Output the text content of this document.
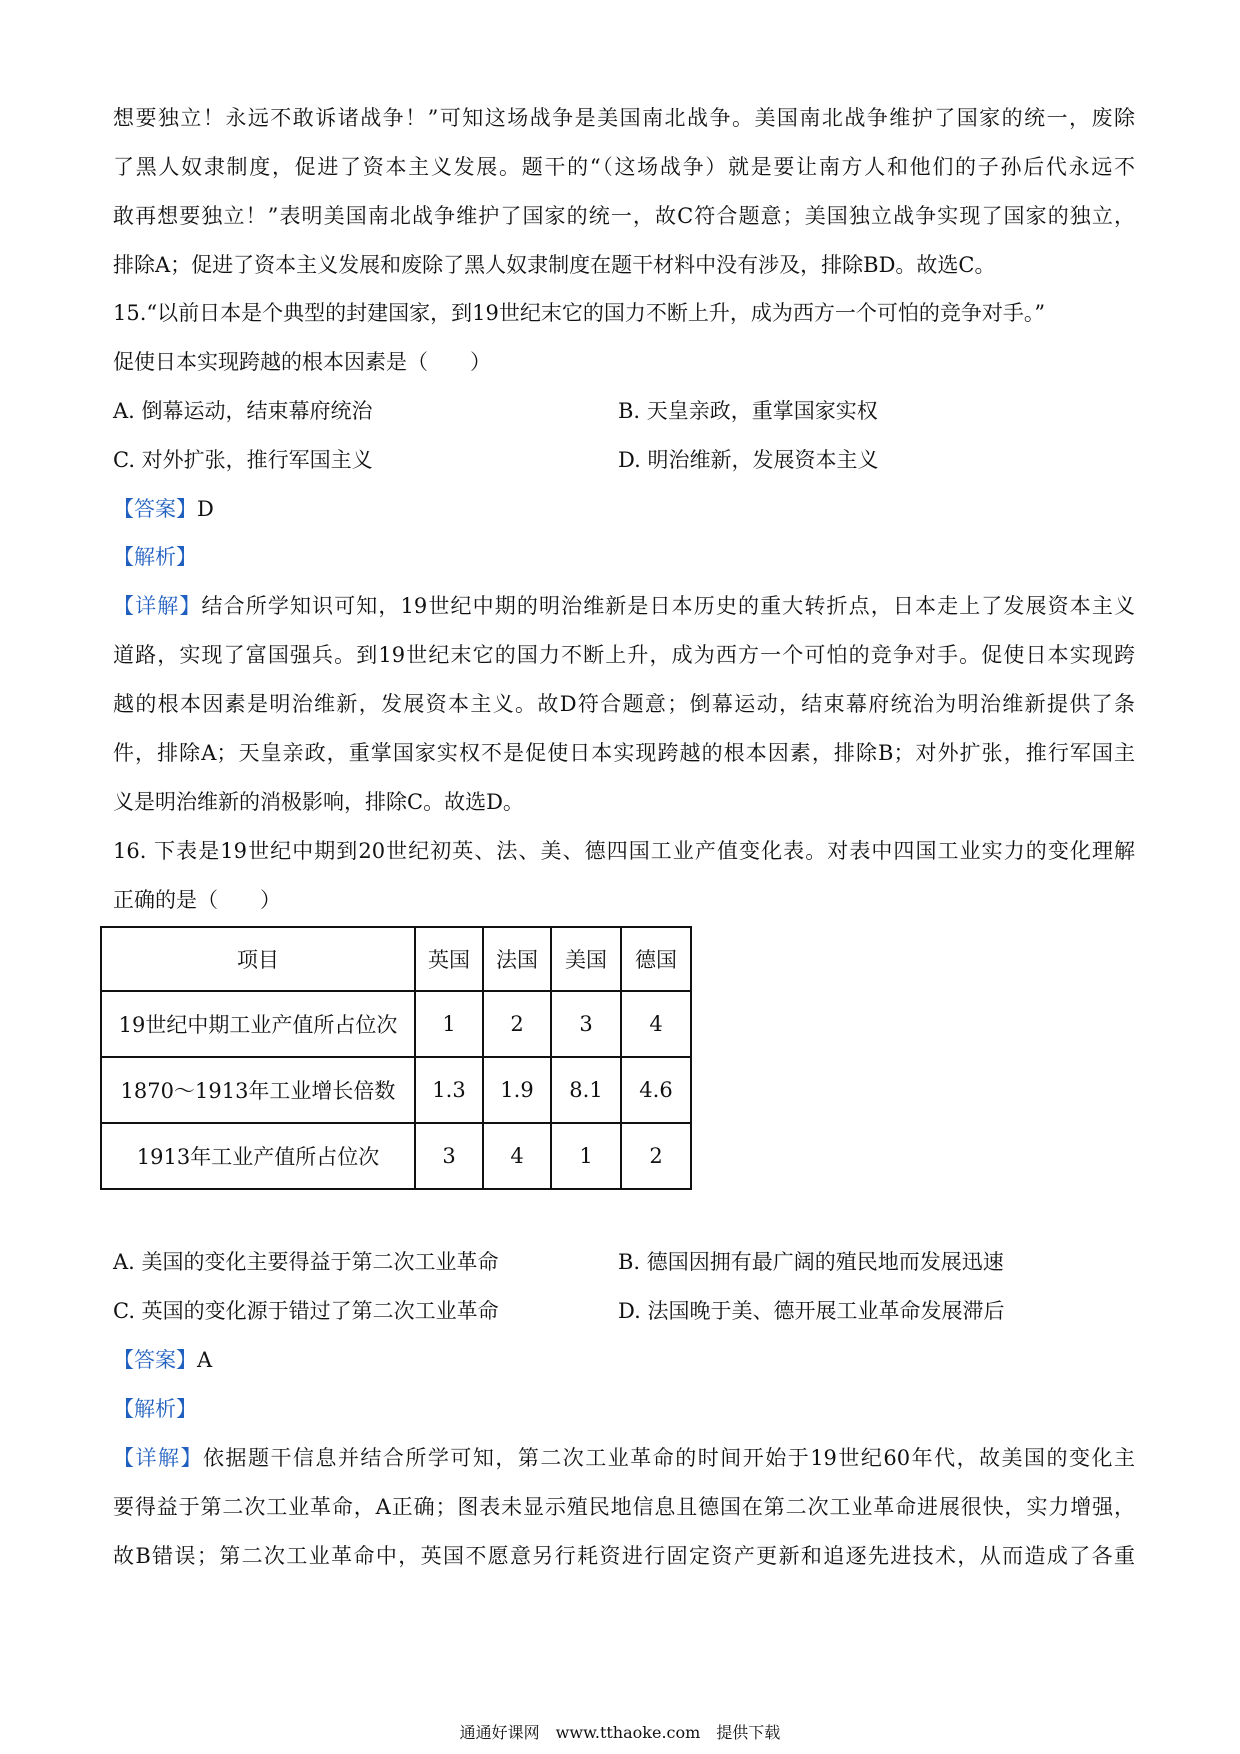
想要独立！永远不敢诉诸战争！”可知这场战争是美国南北战争。美国南北战争维护了国家的统一，废除
了黑人奴隶制度，促进了资本主义发展。题干的“（这场战争）就是要让南方人和他们的子孙后代永远不
敢再想要独立！”表明美国南北战争维护了国家的统一，故C符合题意；美国独立战争实现了国家的独立，
排除A；促进了资本主义发展和废除了黑人奴隶制度在题干材料中没有涉及，排除BD。故选C。
15.“以前日本是个典型的封建国家，到19世纪末它的国力不断上升，成为西方一个可怕的竞争对手。”
促使日本实现跨越的根本因素是（　　）
A. 倒幕运动，结束幕府统治	B. 天皇亲政，重掌国家实权
C. 对外扩张，推行军国主义	D. 明治维新，发展资本主义
【答案】D
【解析】
【详解】结合所学知识可知，19世纪中期的明治维新是日本历史的重大转折点，日本走上了发展资本主义
道路，实现了富国强兵。到19世纪末它的国力不断上升，成为西方一个可怕的竞争对手。促使日本实现跨
越的根本因素是明治维新，发展资本主义。故D符合题意；倒幕运动，结束幕府统治为明治维新提供了条
件，排除A；天皇亲政，重掌国家实权不是促使日本实现跨越的根本因素，排除B；对外扩张，推行军国主
义是明治维新的消极影响，排除C。故选D。
16. 下表是19世纪中期到20世纪初英、法、美、德四国工业产值变化表。对表中四国工业实力的变化理解
正确的是（　　）
项目	英国	法国	美国	德国
19世纪中期工业产值所占位次	1	2	3	4
1870～1913年工业增长倍数	1.3	1.9	8.1	4.6
1913年工业产值所占位次	3	4	1	2
A. 美国的变化主要得益于第二次工业革命	B. 德国因拥有最广阔的殖民地而发展迅速
C. 英国的变化源于错过了第二次工业革命	D. 法国晚于美、德开展工业革命发展滞后
【答案】A
【解析】
【详解】依据题干信息并结合所学可知，第二次工业革命的时间开始于19世纪60年代，故美国的变化主
要得益于第二次工业革命，A正确；图表未显示殖民地信息且德国在第二次工业革命进展很快，实力增强，
故B错误；第二次工业革命中，英国不愿意另行耗资进行固定资产更新和追逐先进技术，从而造成了各重
通通好课网　www.tthaoke.com　提供下载
